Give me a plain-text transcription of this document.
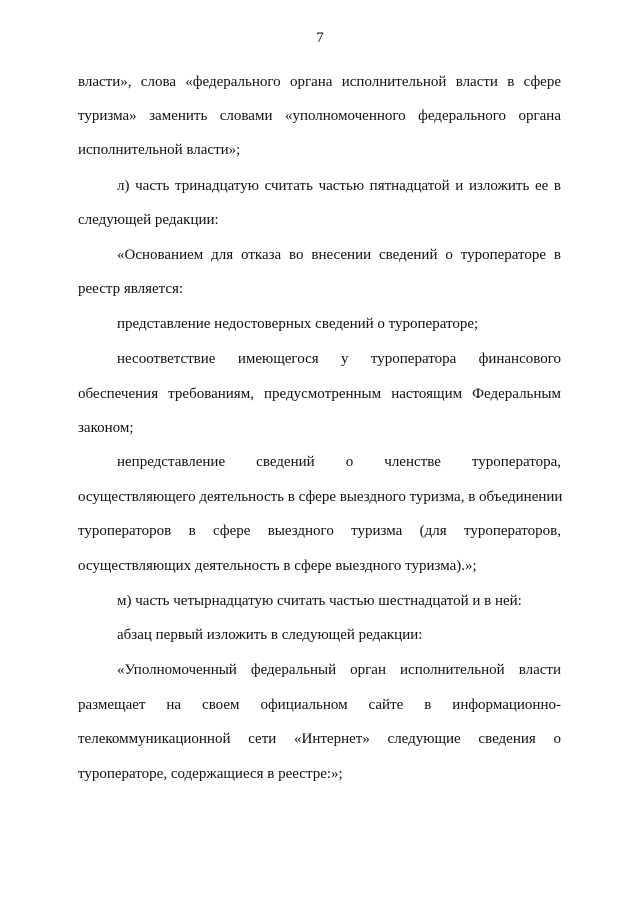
7
власти», слова «федерального органа исполнительной власти в сфере
туризма» заменить словами «уполномоченного федерального органа
исполнительной власти»;
л) часть тринадцатую считать частью пятнадцатой и изложить ее в
следующей редакции:
«Основанием для отказа во внесении сведений о туроператоре в
реестр является:
представление недостоверных сведений о туроператоре;
несоответствие имеющегося у туроператора финансового
обеспечения требованиям, предусмотренным настоящим Федеральным
законом;
непредставление сведений о членстве туроператора,
осуществляющего деятельность в сфере выездного туризма, в объединении
туроператоров в сфере выездного туризма (для туроператоров,
осуществляющих деятельность в сфере выездного туризма).»;
м) часть четырнадцатую считать частью шестнадцатой и в ней:
абзац первый изложить в следующей редакции:
«Уполномоченный федеральный орган исполнительной власти
размещает на своем официальном сайте в информационно-
телекоммуникационной сети «Интернет» следующие сведения о
туроператоре, содержащиеся в реестре:»;
